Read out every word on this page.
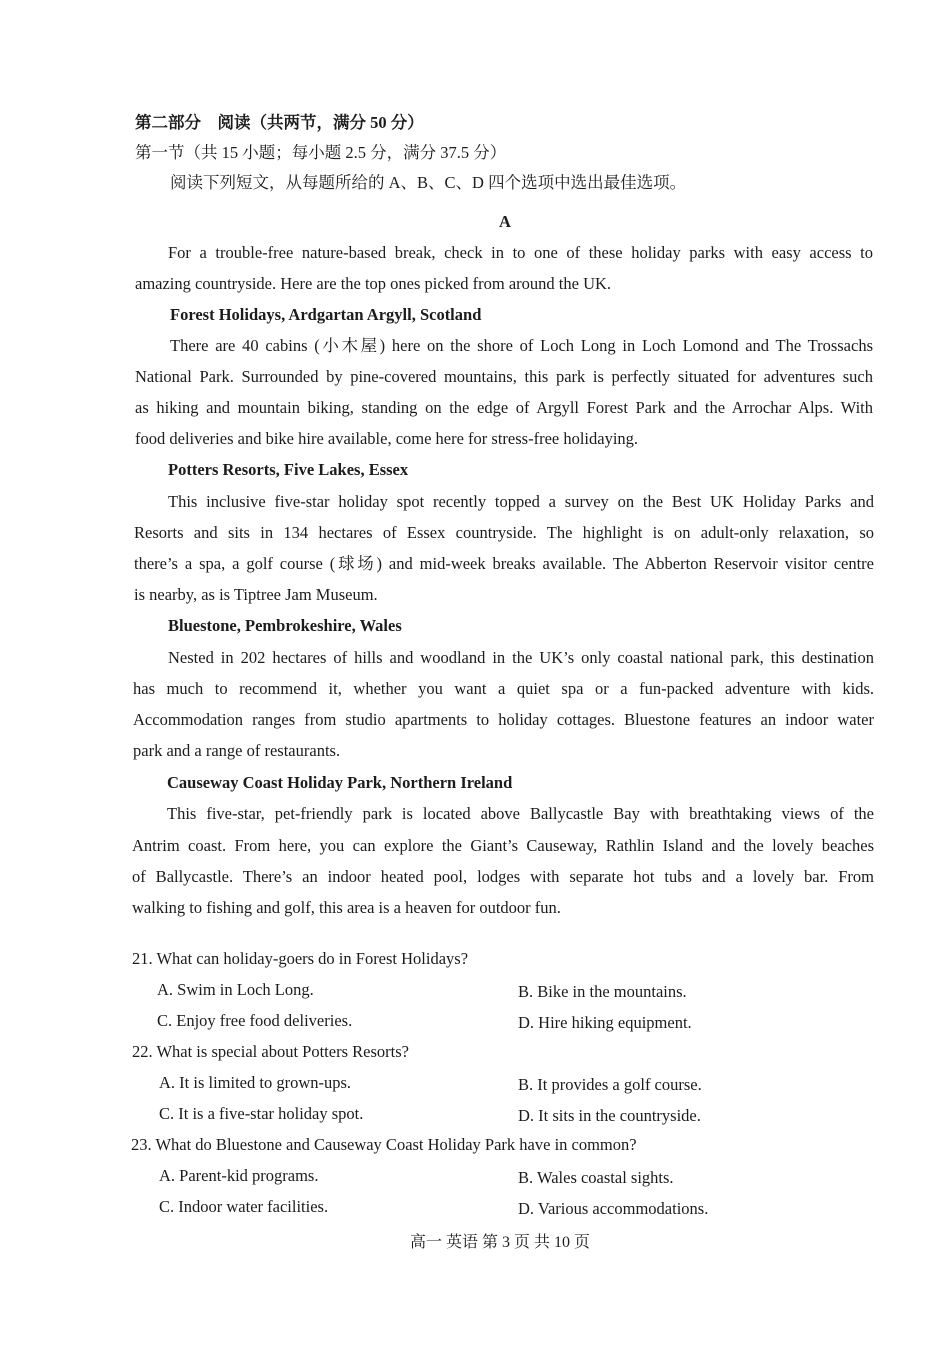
第二部分　阅读（共两节，满分 50 分）

第一节（共 15 小题；每小题 2.5 分，满分 37.5 分）

阅读下列短文，从每题所给的 A、B、C、D 四个选项中选出最佳选项。

A

For a trouble-free nature-based break, check in to one of these holiday parks with easy access to

amazing countryside. Here are the top ones picked from around the UK.

Forest Holidays, Ardgartan Argyll, Scotland

There are 40 cabins (小木屋) here on the shore of Loch Long in Loch Lomond and The Trossachs

National Park. Surrounded by pine-covered mountains, this park is perfectly situated for adventures such

as hiking and mountain biking, standing on the edge of Argyll Forest Park and the Arrochar Alps. With

food deliveries and bike hire available, come here for stress-free holidaying.

Potters Resorts, Five Lakes, Essex

This inclusive five-star holiday spot recently topped a survey on the Best UK Holiday Parks and

Resorts and sits in 134 hectares of Essex countryside. The highlight is on adult-only relaxation, so

there’s a spa, a golf course (球场) and mid-week breaks available. The Abberton Reservoir visitor centre

is nearby, as is Tiptree Jam Museum.

Bluestone, Pembrokeshire, Wales

Nested in 202 hectares of hills and woodland in the UK’s only coastal national park, this destination

has much to recommend it, whether you want a quiet spa or a fun-packed adventure with kids.

Accommodation ranges from studio apartments to holiday cottages. Bluestone features an indoor water

park and a range of restaurants.

Causeway Coast Holiday Park, Northern Ireland

This five-star, pet-friendly park is located above Ballycastle Bay with breathtaking views of the

Antrim coast. From here, you can explore the Giant’s Causeway, Rathlin Island and the lovely beaches

of Ballycastle. There’s an indoor heated pool, lodges with separate hot tubs and a lovely bar. From

walking to fishing and golf, this area is a heaven for outdoor fun.

21. What can holiday-goers do in Forest Holidays?

A. Swim in Loch Long.	B. Bike in the mountains.

C. Enjoy free food deliveries.	D. Hire hiking equipment.

22. What is special about Potters Resorts?

A. It is limited to grown-ups.	B. It provides a golf course.

C. It is a five-star holiday spot.	D. It sits in the countryside.

23. What do Bluestone and Causeway Coast Holiday Park have in common?

A. Parent-kid programs.	B. Wales coastal sights.

C. Indoor water facilities.	D. Various accommodations.

高一 英语 第 3 页 共 10 页
